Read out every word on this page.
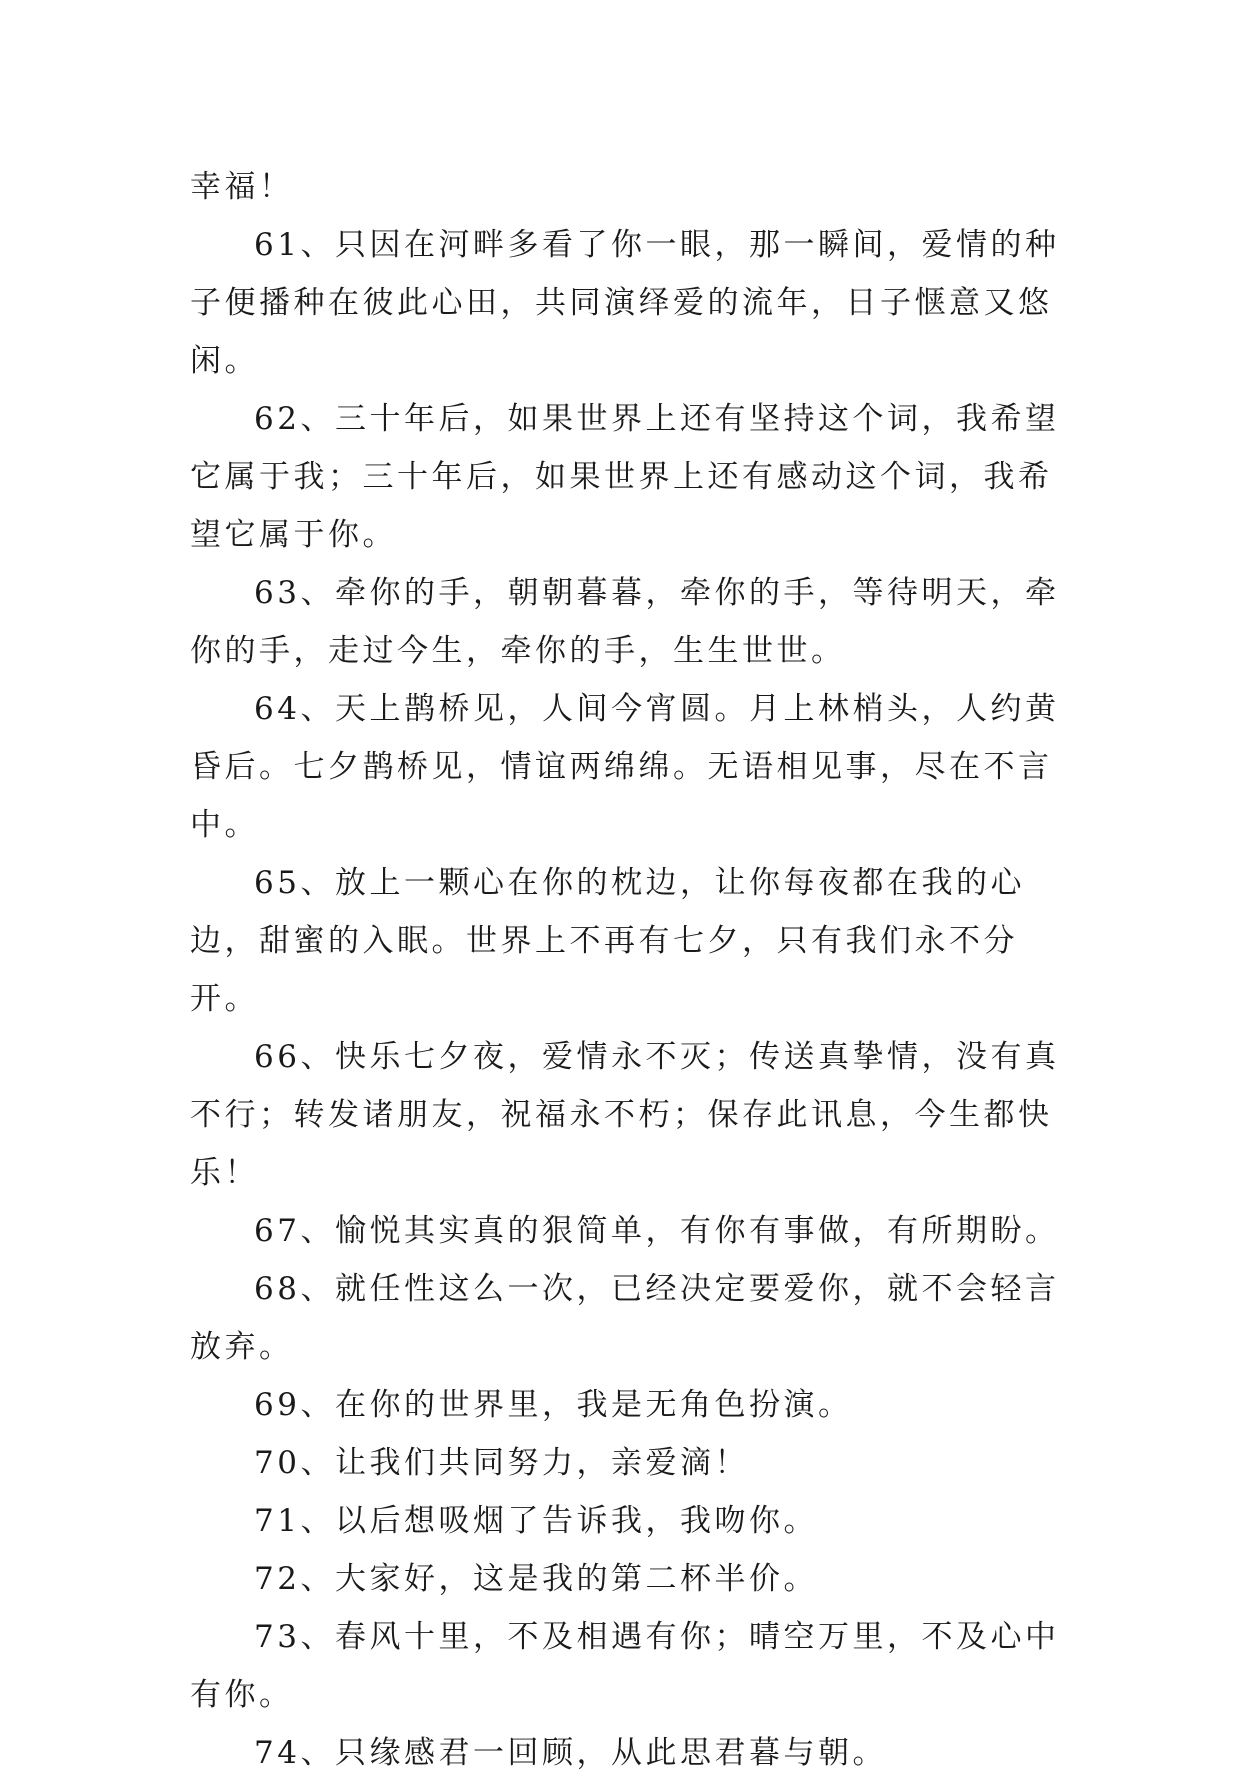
幸福！

61、只因在河畔多看了你一眼，那一瞬间，爱情的种子便播种在彼此心田，共同演绎爱的流年，日子惬意又悠闲。

62、三十年后，如果世界上还有坚持这个词，我希望它属于我；三十年后，如果世界上还有感动这个词，我希望它属于你。

63、牵你的手，朝朝暮暮，牵你的手，等待明天，牵你的手，走过今生，牵你的手，生生世世。

64、天上鹊桥见，人间今宵圆。月上林梢头，人约黄昏后。七夕鹊桥见，情谊两绵绵。无语相见事，尽在不言中。

65、放上一颗心在你的枕边，让你每夜都在我的心边，甜蜜的入眠。世界上不再有七夕，只有我们永不分开。

66、快乐七夕夜，爱情永不灭；传送真挚情，没有真不行；转发诸朋友，祝福永不朽；保存此讯息，今生都快乐！

67、愉悦其实真的狠简单，有你有事做，有所期盼。

68、就任性这么一次，已经决定要爱你，就不会轻言放弃。

69、在你的世界里，我是无角色扮演。

70、让我们共同努力，亲爱滴！

71、以后想吸烟了告诉我，我吻你。

72、大家好，这是我的第二杯半价。

73、春风十里，不及相遇有你；晴空万里，不及心中有你。

74、只缘感君一回顾，从此思君暮与朝。
